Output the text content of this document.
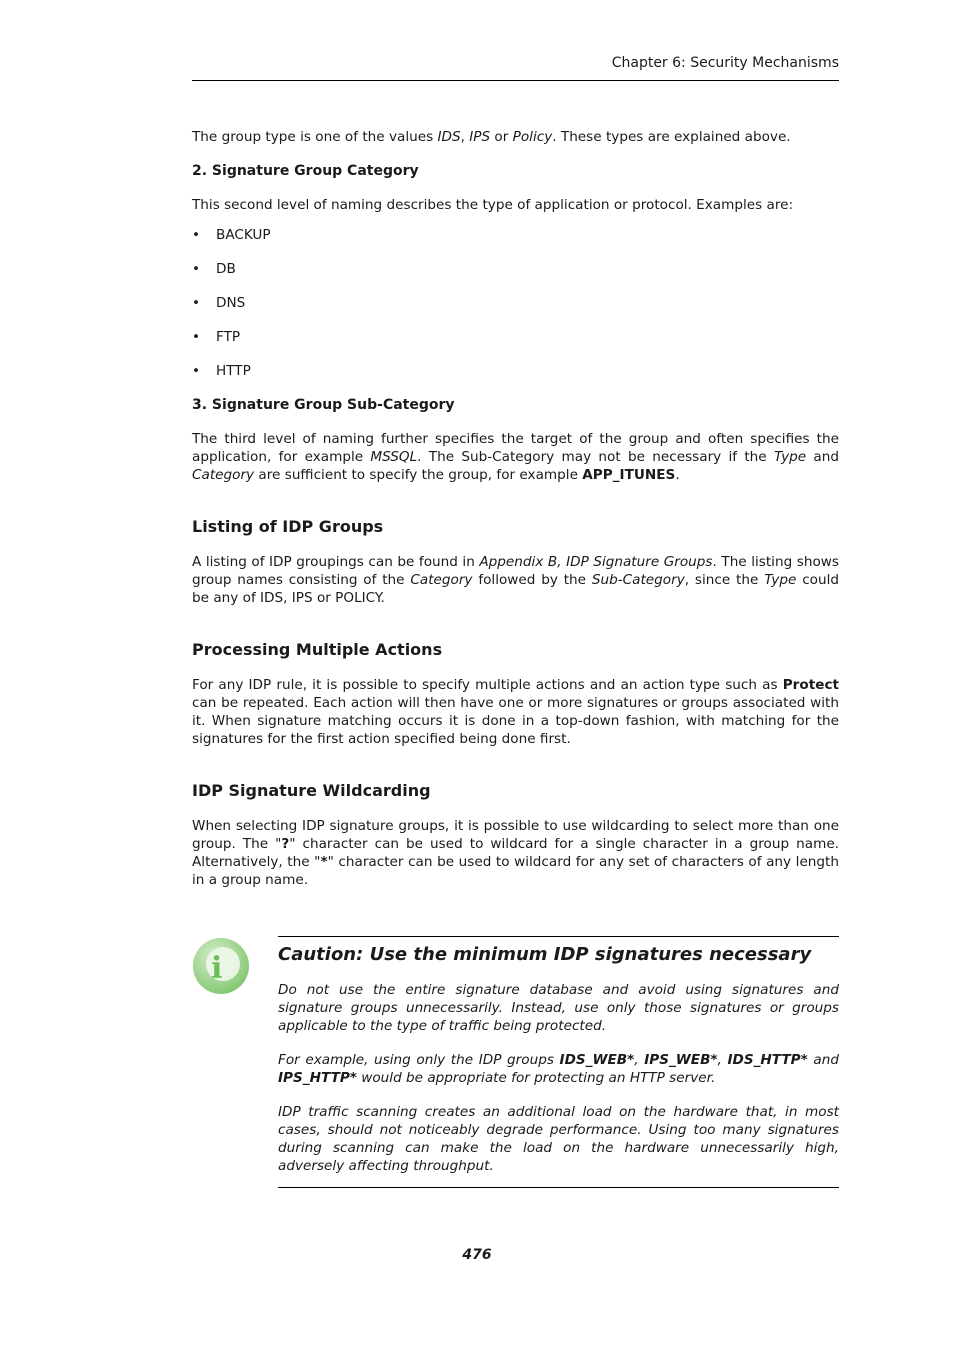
Chapter 6: Security Mechanisms

The group type is one of the values IDS, IPS or Policy. These types are explained above.

2. Signature Group Category

This second level of naming describes the type of application or protocol. Examples are:

• BACKUP
• DB
• DNS
• FTP
• HTTP
3. Signature Group Sub-Category

The third level of naming further specifies the target of the group and often specifies the application, for example MSSQL. The Sub-Category may not be necessary if the Type and Category are sufficient to specify the group, for example APP_ITUNES.

Listing of IDP Groups

A listing of IDP groupings can be found in Appendix B, IDP Signature Groups. The listing shows group names consisting of the Category followed by the Sub-Category, since the Type could be any of IDS, IPS or POLICY.

Processing Multiple Actions

For any IDP rule, it is possible to specify multiple actions and an action type such as Protect can be repeated. Each action will then have one or more signatures or groups associated with it. When signature matching occurs it is done in a top-down fashion, with matching for the signatures for the first action specified being done first.

IDP Signature Wildcarding

When selecting IDP signature groups, it is possible to use wildcarding to select more than one group. The "?" character can be used to wildcard for a single character in a group name. Alternatively, the "*" character can be used to wildcard for any set of characters of any length in a group name.

Caution: Use the minimum IDP signatures necessary

Do not use the entire signature database and avoid using signatures and signature groups unnecessarily. Instead, use only those signatures or groups applicable to the type of traffic being protected.

For example, using only the IDP groups IDS_WEB*, IPS_WEB*, IDS_HTTP* and IPS_HTTP* would be appropriate for protecting an HTTP server.

IDP traffic scanning creates an additional load on the hardware that, in most cases, should not noticeably degrade performance. Using too many signatures during scanning can make the load on the hardware unnecessarily high, adversely affecting throughput.

i
476
